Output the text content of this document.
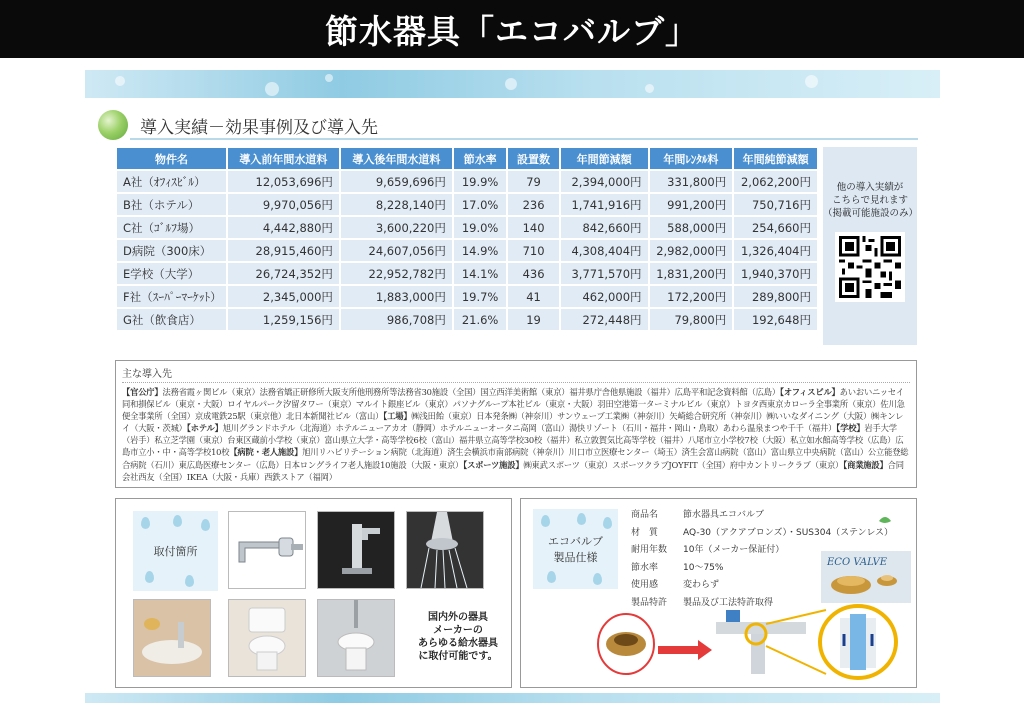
節水器具「エコバルブ」
導入実績－効果事例及び導入先
物件名	導入前年間水道料	導入後年間水道料	節水率	設置数	年間節減額	年間ﾚﾝﾀﾙ料	年間純節減額
A社（ｵﾌｨｽﾋﾞﾙ）	12,053,696円	9,659,696円	19.9%	79	2,394,000円	331,800円	2,062,200円
B社（ホテル）	9,970,056円	8,228,140円	17.0%	236	1,741,916円	991,200円	750,716円
C社（ｺﾞﾙﾌ場）	4,442,880円	3,600,220円	19.0%	140	842,660円	588,000円	254,660円
D病院（300床）	28,915,460円	24,607,056円	14.9%	710	4,308,404円	2,982,000円	1,326,404円
E学校（大学）	26,724,352円	22,952,782円	14.1%	436	3,771,570円	1,831,200円	1,940,370円
F社（ｽｰﾊﾟｰﾏｰｹｯﾄ）	2,345,000円	1,883,000円	19.7%	41	462,000円	172,200円	289,800円
G社（飲食店）	1,259,156円	986,708円	21.6%	19	272,448円	79,800円	192,648円

他の導入実績が
こちらで見れます
（掲載可能施設のみ）

主な導入先

【官公庁】法務省霞ヶ関ビル（東京）法務省矯正研修所大阪支所他刑務所等法務省30施設（全国）国立西洋美術館（東京）福井県庁舎他県施設（福井）広島平和記念資料館（広島）【オフィスビル】あいおいニッセイ同和損保ビル（東京・大阪）ロイヤルパーク汐留タワー（東京）マルイト銀座ビル（東京）パソナグループ本社ビル（東京・大阪）羽田空港第一ターミナルビル（東京）トヨタ西東京カローラ全事業所（東京）佐川急便全事業所（全国）京成電鉄25駅（東京他）北日本新聞社ビル（富山）【工場】㈱浅田飴（東京）日本発条㈱（神奈川）サンウェーブ工業㈱（神奈川）矢崎総合研究所（神奈川）㈱いいなダイニング（大阪）㈱キンレイ（大阪・茨城）【ホテル】旭川グランドホテル（北海道）ホテルニューアカオ（静岡）ホテルニューオータニ高岡（富山）湯快リゾート（石川・福井・岡山・鳥取）あわら温泉まつや千千（福井）【学校】岩手大学（岩手）私立芝学園（東京）台東区蔵前小学校（東京）富山県立大学・高等学校6校（富山）福井県立高等学校30校（福井）私立敦賀気比高等学校（福井）八尾市立小学校7校（大阪）私立如水館高等学校（広島）広島市立小・中・高等学校10校【病院・老人施設】旭川リハビリテーション病院（北海道）済生会横浜市南部病院（神奈川）川口市立医療センター（埼玉）済生会富山病院（富山）富山県立中央病院（富山）公立能登総合病院（石川）東広島医療センター（広島）日本ロングライフ老人施設10施設（大阪・東京）【スポーツ施設】㈱東武スポーツ（東京）スポーツクラブJOYFIT（全国）府中カントリークラブ（東京）【商業施設】合同会社西友（全国）IKEA（大阪・兵庫）西鉄ストア（福岡）

取付箇所
国内外の器具
メーカーの
あらゆる給水器具
に取付可能です。
エコバルブ
製品仕様
商品名	節水器具エコバルブ
材　質	AQ-30（アクアブロンズ）・SUS304（ステンレス）
耐用年数	10年（メーカー保証付）
節水率	10～75%
使用感	変わらず
製品特許	製品及び工法特許取得
ECO VALVE
